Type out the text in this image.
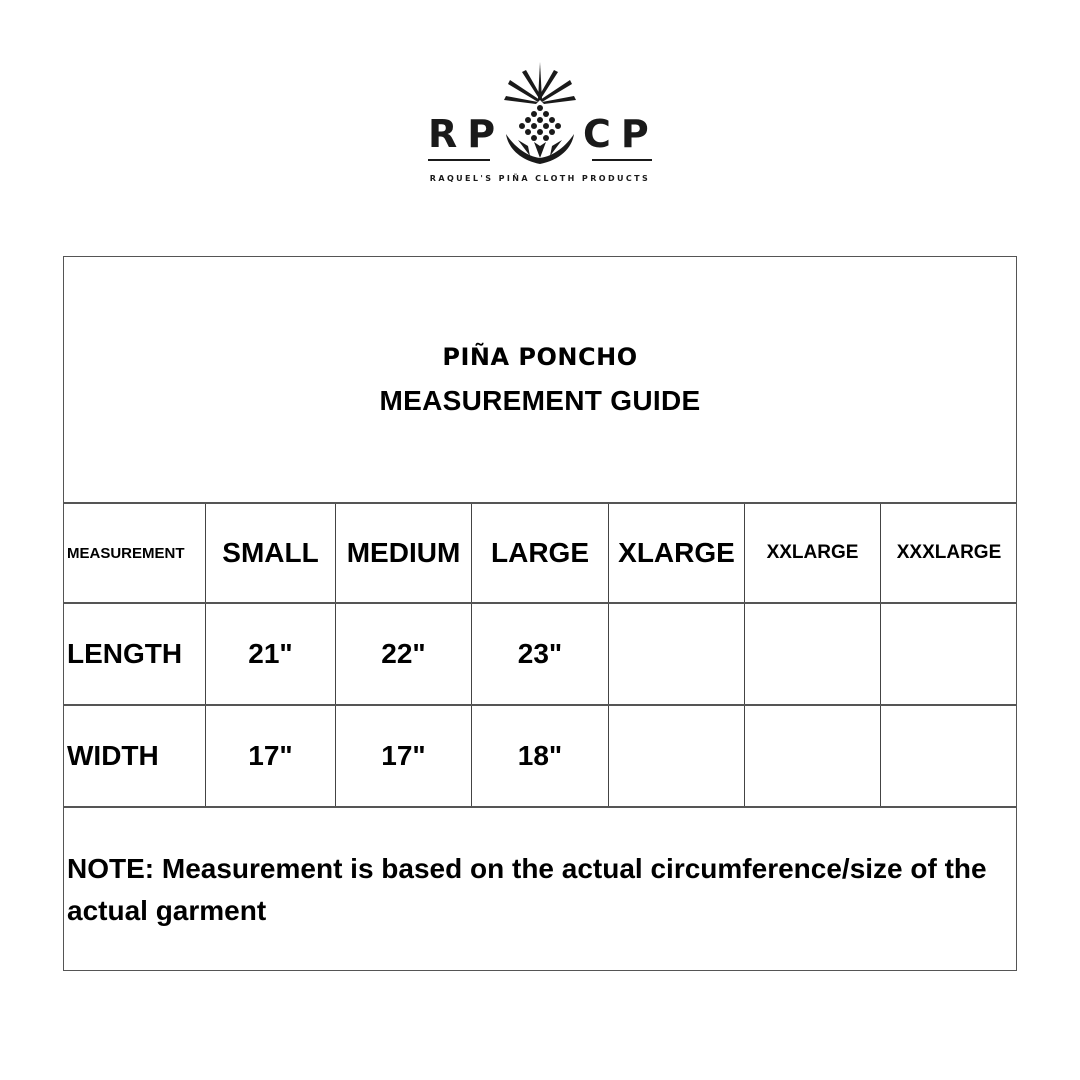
RP CP
RAQUEL'S PIÑA CLOTH PRODUCTS
PIÑA PONCHO
MEASUREMENT GUIDE
MEASUREMENT	SMALL	MEDIUM	LARGE	XLARGE	XXLARGE	XXXLARGE
LENGTH	21"	22"	23"
WIDTH	17"	17"	18"
NOTE: Measurement is based on the actual circumference/size of the actual garment
